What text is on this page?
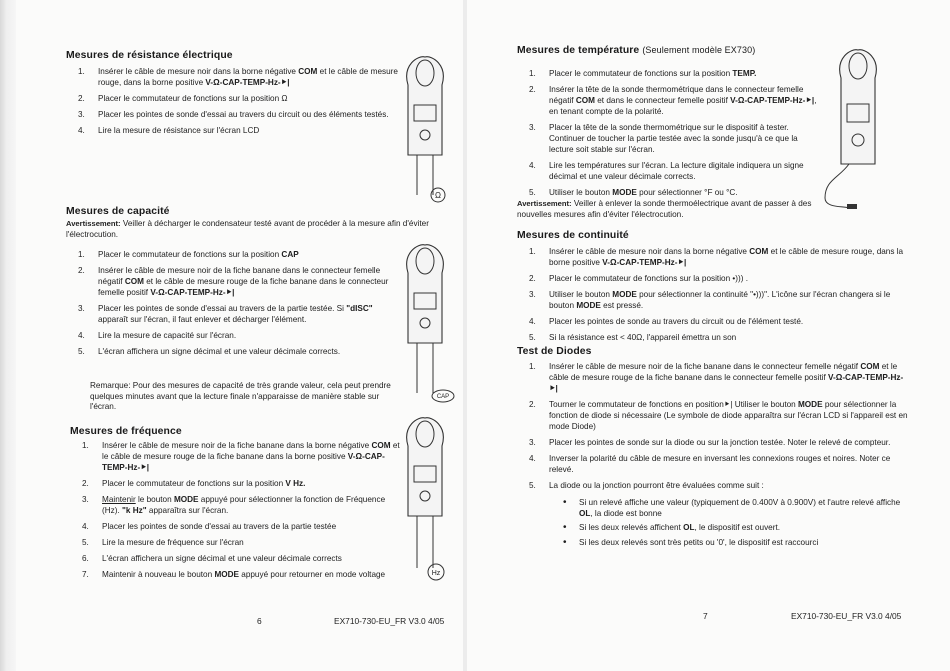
Mesures de résistance électrique
1. Insérer le câble de mesure noir dans la borne négative COM et le câble de mesure rouge, dans la borne positive V-Ω-CAP-TEMP-Hz-⯈|
2. Placer le commutateur de fonctions sur la position Ω
3. Placer les pointes de sonde d'essai au travers du circuit ou des éléments testés.
4. Lire la mesure de résistance sur l'écran LCD
Ω
Mesures de capacité
Avertissement: Veiller à décharger le condensateur testé avant de procéder à la mesure afin d'éviter l'électrocution.
1. Placer le commutateur de fonctions sur la position CAP
2. Insérer le câble de mesure noir de la fiche banane dans le connecteur femelle négatif COM et le câble de mesure rouge de la fiche banane dans le connecteur femelle positif V-Ω-CAP-TEMP-Hz-⯈|
3. Placer les pointes de sonde d'essai au travers de la partie testée. Si "dISC" apparaît sur l'écran, il faut enlever et décharger l'élément.
4. Lire la mesure de capacité sur l'écran.
5. L'écran affichera un signe décimal et une valeur décimale corrects.
Remarque: Pour des mesures de capacité de très grande valeur, cela peut prendre quelques minutes avant que la lecture finale n'apparaisse de manière stable sur l'écran.
CAP
Mesures de fréquence
1. Insérer le câble de mesure noir de la fiche banane dans la borne négative COM et le câble de mesure rouge de la fiche banane dans la borne positive V-Ω-CAP-TEMP-Hz-⯈|
2. Placer le commutateur de fonctions sur la position V Hz.
3. Maintenir le bouton MODE appuyé pour sélectionner la fonction de Fréquence (Hz). "k Hz" apparaîtra sur l'écran.
4. Placer les pointes de sonde d'essai au travers de la partie testée
5. Lire la mesure de fréquence sur l'écran
6. L'écran affichera un signe décimal et une valeur décimale corrects
7. Maintenir à nouveau le bouton MODE appuyé pour retourner en mode voltage	Hz
6	EX710-730-EU_FR V3.0 4/05
Mesures de température (Seulement modèle EX730)
1. Placer le commutateur de fonctions sur la position TEMP.
2. Insérer la tête de la sonde thermométrique dans le connecteur femelle négatif COM et dans le connecteur femelle positif V-Ω-CAP-TEMP-Hz-⯈|, en tenant compte de la polarité.
3. Placer la tête de la sonde thermométrique sur le dispositif à tester. Continuer de toucher la partie testée avec la sonde jusqu'à ce que la lecture soit stable sur l'écran.
4. Lire les températures sur l'écran. La lecture digitale indiquera un signe décimal et une valeur décimale corrects.
5. Utiliser le bouton MODE pour sélectionner °F ou °C.
Avertissement: Veiller à enlever la sonde thermoélectrique avant de passer à des nouvelles mesures afin d'éviter l'électrocution.
Mesures de continuité
1. Insérer le câble de mesure noir dans la borne négative COM et le câble de mesure rouge, dans la borne positive V-Ω-CAP-TEMP-Hz-⯈|
2. Placer le commutateur de fonctions sur la position •))) .
3. Utiliser le bouton MODE pour sélectionner la continuité "•)))". L'icône sur l'écran changera si le bouton MODE est pressé.
4. Placer les pointes de sonde au travers du circuit ou de l'élément testé.
5. Si la résistance est < 40Ω, l'appareil émettra un son
Test de Diodes
1. Insérer le câble de mesure noir de la fiche banane dans le connecteur femelle négatif COM et le câble de mesure rouge de la fiche banane dans le connecteur femelle positif V-Ω-CAP-TEMP-Hz-⯈|
2. Tourner le commutateur de fonctions en position⯈| Utiliser le bouton MODE pour sélectionner la fonction de diode si nécessaire (Le symbole de diode apparaîtra sur l'écran LCD si l'appareil est en mode Diode)
3. Placer les pointes de sonde sur la diode ou sur la jonction testée. Noter le relevé de compteur.
4. Inverser la polarité du câble de mesure en inversant les connexions rouges et noires. Noter ce relevé.
5. La diode ou la jonction pourront être évaluées comme suit :
• Si un relevé affiche une valeur (typiquement de 0.400V à 0.900V) et l'autre relevé affiche OL, la diode est bonne
• Si les deux relevés affichent OL, le dispositif est ouvert.
• Si les deux relevés sont très petits ou '0', le dispositif est raccourci
7	EX710-730-EU_FR V3.0 4/05
